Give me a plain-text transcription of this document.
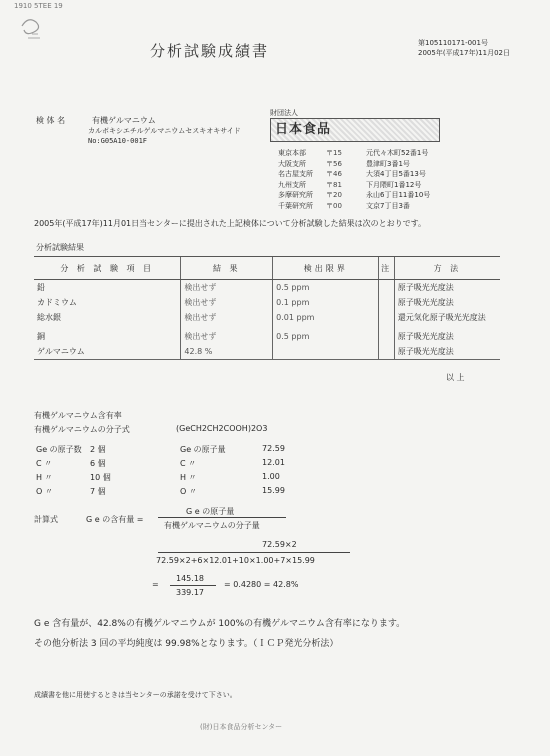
1910 5TEE 19
分析試験成績書	第105110171-001号
2005年(平成17年)11月02日
検 体 名	有機ゲルマニウム
カルボキシエチルゲルマニウムセスキオキサイド
No:G05A10-001F
財団法人
日本食品
東京本部	〒15	元代々木町52番1号
大阪支所	〒56	豊津町3番1号
名古屋支所	〒46	大須4丁目5番13号
九州支所	〒81	下月隈町1番12号
多摩研究所	〒20	永山6丁目11番10号
千葉研究所	〒00	文京7丁目3番
2005年(平成17年)11月01日当センターに提出された上記検体について分析試験した結果は次のとおりです。
分析試験結果
分 析 試 験 項 目	結 果	検出限界	注	方 法
鉛	検出せず	0.5 ppm		原子吸光光度法
カドミウム	検出せず	0.1 ppm		原子吸光光度法
総水銀	検出せず	0.01 ppm		還元気化原子吸光光度法

銅	検出せず	0.5 ppm		原子吸光光度法
ゲルマニウム	42.8 %			原子吸光光度法
以 上
有機ゲルマニウム含有率
有機ゲルマニウムの分子式	(GeCH2CH2COOH)2O3
Ge の原子数 2 個	Ge の原子量	72.59
C 〃	6 個	C 〃	12.01
H 〃	10 個	H 〃	1.00
O 〃	7 個	O 〃	15.99
計算式	G e の含有量 =
G e の原子量
有機ゲルマニウムの分子量
72.59×2
72.59×2+6×12.01+10×1.00+7×15.99
=
145.18
339.17
= 0.4280 = 42.8%
G e 含有量が、42.8%の有機ゲルマニウムが 100%の有機ゲルマニウム含有率になります。
その他分析法 3 回の平均純度は 99.98%となります。（ＩＣＰ発光分析法）
成績書を他に用使するときは当センターの承諾を受けて下さい。
(財)日本食品分析センター
